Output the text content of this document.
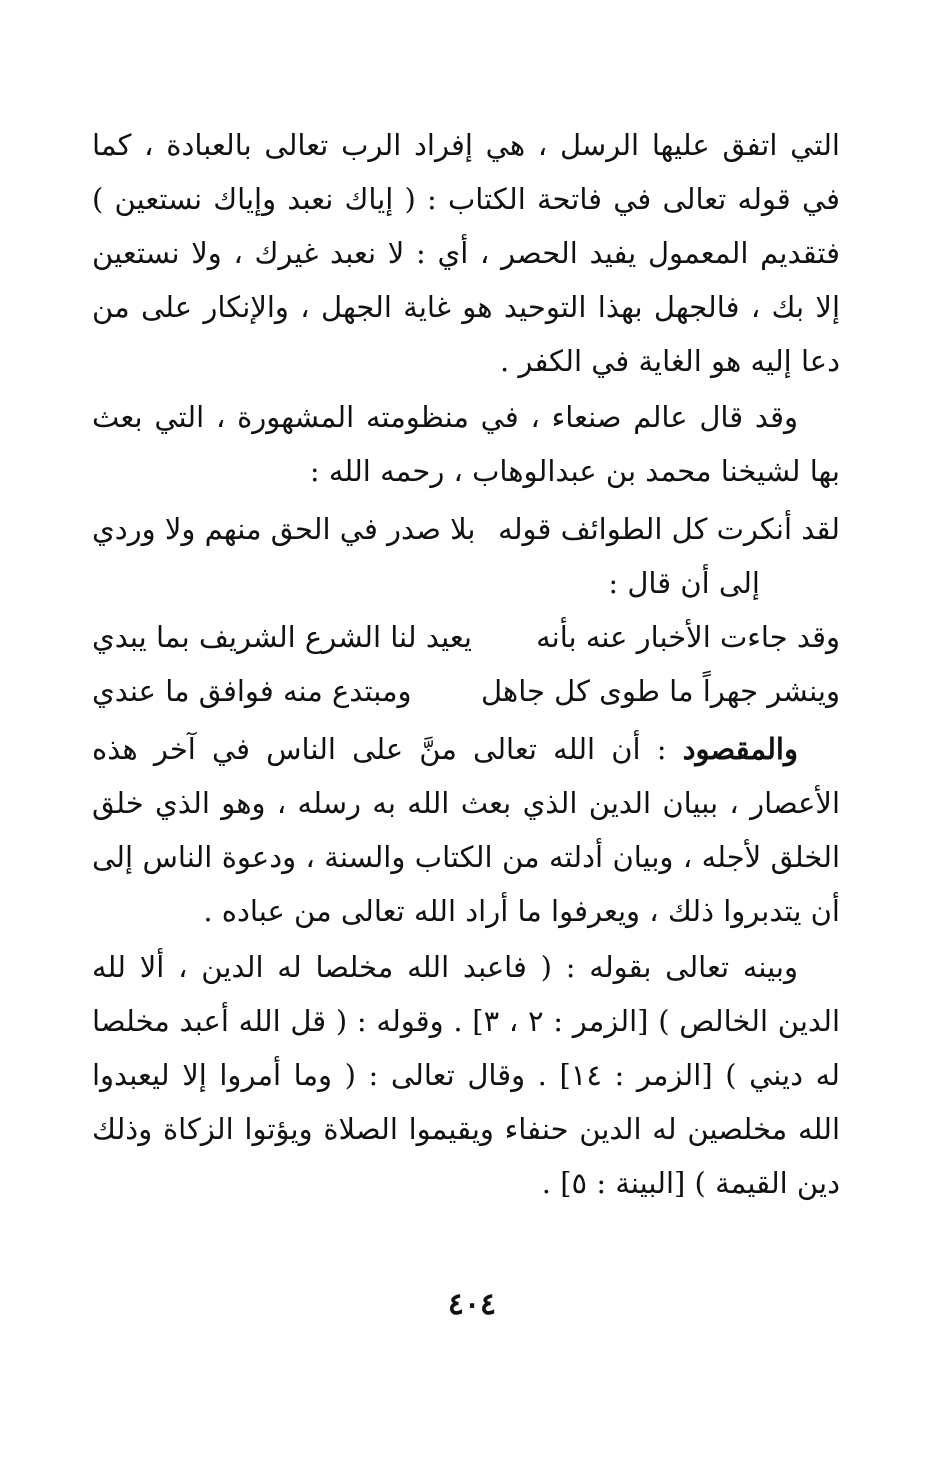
التي اتفق عليها الرسل ، هي إفراد الرب تعالى بالعبادة ، كما في قوله تعالى في فاتحة الكتاب : ( إياك نعبد وإياك نستعين ) فتقديم المعمول يفيد الحصر ، أي : لا نعبد غيرك ، ولا نستعين إلا بك ، فالجهل بهذا التوحيد هو غاية الجهل ، والإنكار على من دعا إليه هو الغاية في الكفر .

وقد قال عالم صنعاء ، في منظومته المشهورة ، التي بعث بها لشيخنا محمد بن عبدالوهاب ، رحمه الله :

لقد أنكرت كل الطوائف قوله
بلا صدر في الحق منهم ولا وردي
إلى أن قال :
وقد جاءت الأخبار عنه بأنه
يعيد لنا الشرع الشريف بما يبدي
وينشر جهراً ما طوى كل جاهل
ومبتدع منه فوافق ما عندي

والمقصود : أن الله تعالى منَّ على الناس في آخر هذه الأعصار ، ببيان الدين الذي بعث الله به رسله ، وهو الذي خلق الخلق لأجله ، وبيان أدلته من الكتاب والسنة ، ودعوة الناس إلى أن يتدبروا ذلك ، ويعرفوا ما أراد الله تعالى من عباده .

وبينه تعالى بقوله : ( فاعبد الله مخلصا له الدين ، ألا لله الدين الخالص ) [الزمر : ٢ ، ٣] . وقوله : ( قل الله أعبد مخلصا له ديني ) [الزمر : ١٤] . وقال تعالى : ( وما أمروا إلا ليعبدوا الله مخلصين له الدين حنفاء ويقيموا الصلاة ويؤتوا الزكاة وذلك دين القيمة ) [البينة : ٥] .

٤٠٤
